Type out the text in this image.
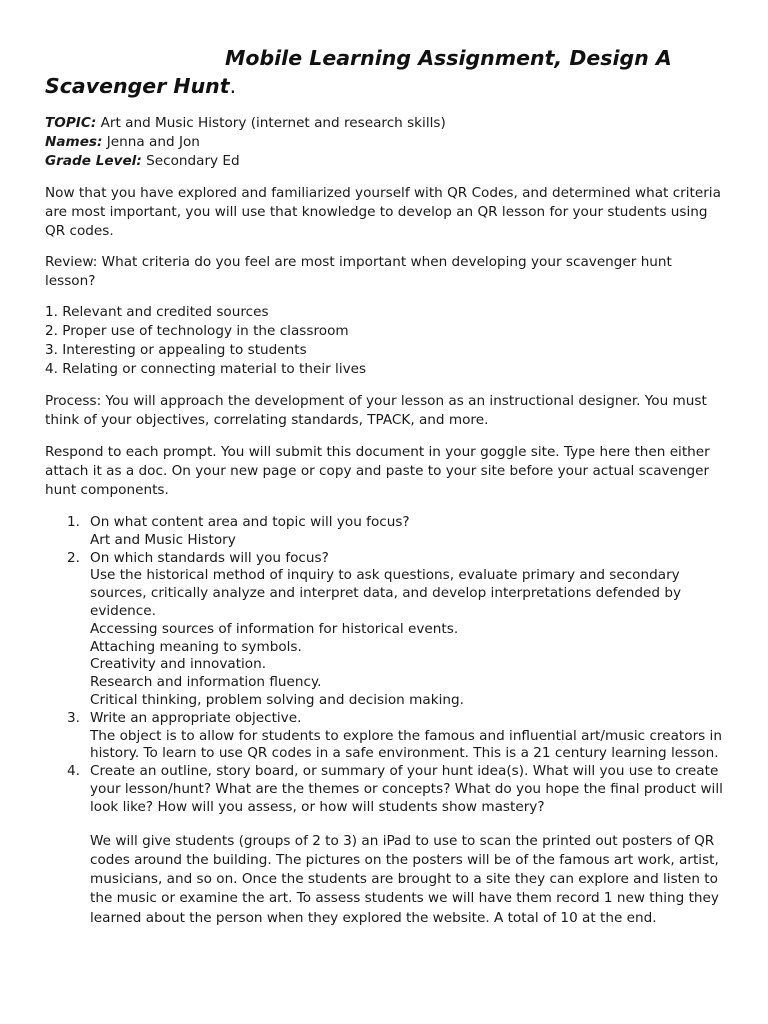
Mobile Learning Assignment, Design A
Scavenger Hunt.
TOPIC: Art and Music History (internet and research skills)
Names: Jenna and Jon
Grade Level: Secondary Ed

Now that you have explored and familiarized yourself with QR Codes, and determined what criteria are most important, you will use that knowledge to develop an QR lesson for your students using QR codes.

Review: What criteria do you feel are most important when developing your scavenger hunt lesson?

1. Relevant and credited sources
2. Proper use of technology in the classroom
3. Interesting or appealing to students
4. Relating or connecting material to their lives

Process: You will approach the development of your lesson as an instructional designer. You must think of your objectives, correlating standards, TPACK, and more.

Respond to each prompt. You will submit this document in your goggle site. Type here then either attach it as a doc. On your new page or copy and paste to your site before your actual scavenger hunt components.

1. On what content area and topic will you focus?
Art and Music History
2. On which standards will you focus?
Use the historical method of inquiry to ask questions, evaluate primary and secondary sources, critically analyze and interpret data, and develop interpretations defended by evidence.
Accessing sources of information for historical events.
Attaching meaning to symbols.
Creativity and innovation.
Research and information fluency.
Critical thinking, problem solving and decision making.
3. Write an appropriate objective.
The object is to allow for students to explore the famous and influential art/music creators in history. To learn to use QR codes in a safe environment. This is a 21 century learning lesson.
4. Create an outline, story board, or summary of your hunt idea(s). What will you use to create your lesson/hunt? What are the themes or concepts? What do you hope the final product will look like? How will you assess, or how will students show mastery?
We will give students (groups of 2 to 3) an iPad to use to scan the printed out posters of QR codes around the building. The pictures on the posters will be of the famous art work, artist, musicians, and so on. Once the students are brought to a site they can explore and listen to the music or examine the art. To assess students we will have them record 1 new thing they learned about the person when they explored the website. A total of 10 at the end.
